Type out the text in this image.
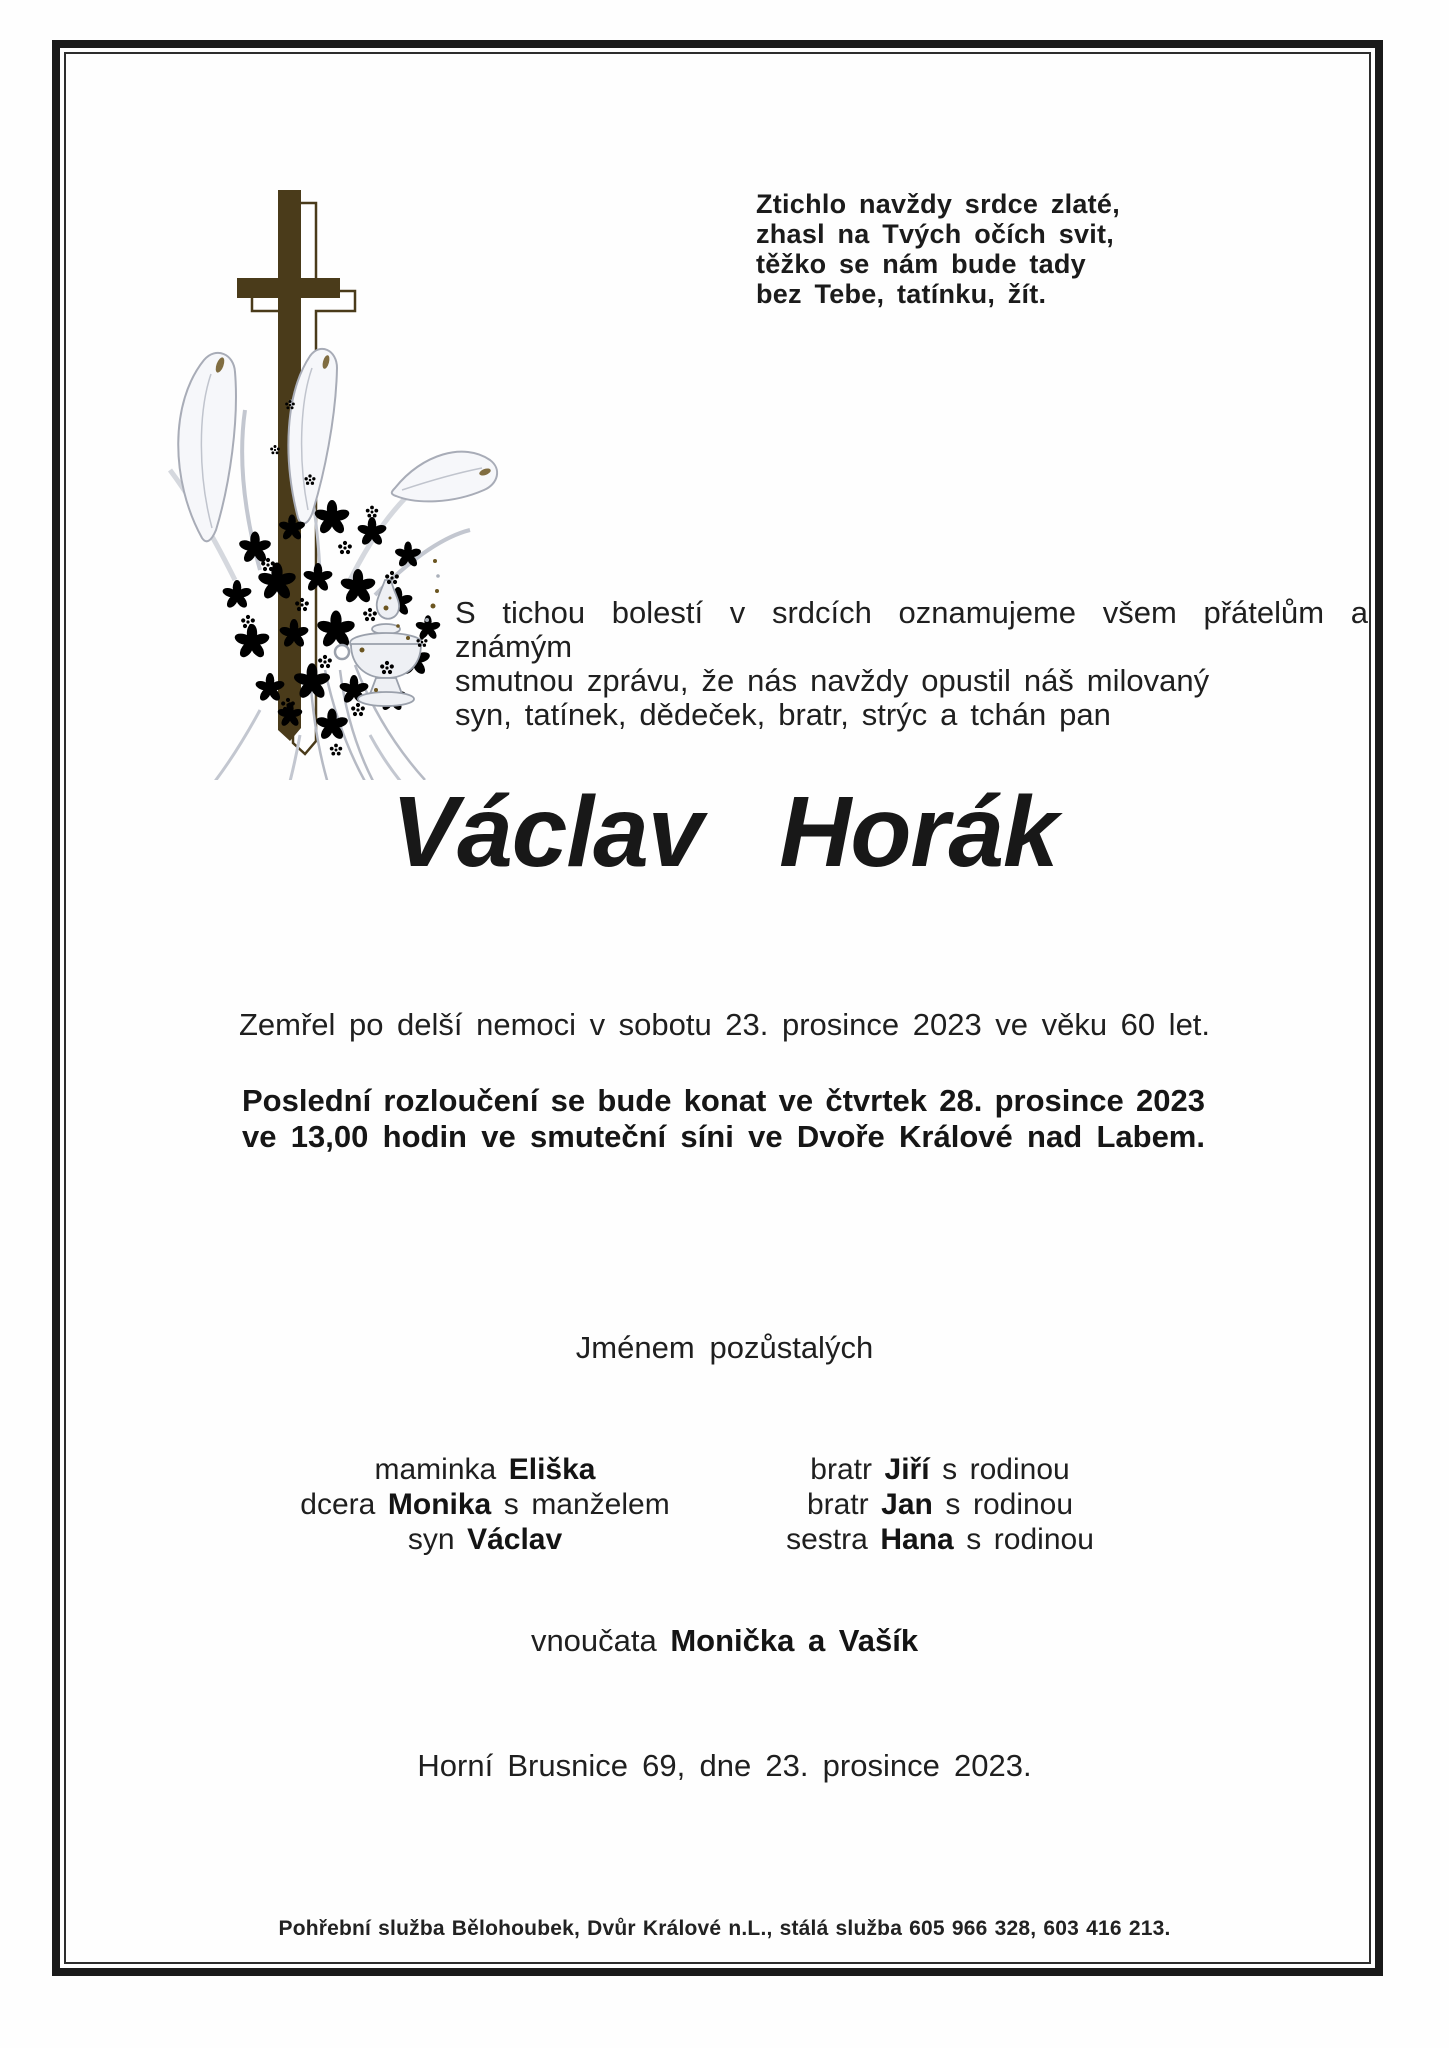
Ztichlo navždy srdce zlaté,
zhasl na Tvých očích svit,
těžko se nám bude tady
bez Tebe, tatínku, žít.
S tichou bolestí v srdcích oznamujeme všem přátelům a známým
smutnou zprávu, že nás navždy opustil náš milovaný
syn, tatínek, dědeček, bratr, strýc a tchán pan
Václav Horák
Zemřel po delší nemoci v sobotu 23. prosince 2023 ve věku 60 let.
Poslední rozloučení se bude konat ve čtvrtek 28. prosince 2023
ve 13,00 hodin ve smuteční síni ve Dvoře Králové nad Labem.
Jménem pozůstalých
maminka Eliška
dcera Monika s manželem
syn Václav
bratr Jiří s rodinou
bratr Jan s rodinou
sestra Hana s rodinou
vnoučata Monička a Vašík
Horní Brusnice 69, dne 23. prosince 2023.
Pohřební služba Bělohoubek, Dvůr Králové n.L., stálá služba 605 966 328, 603 416 213.
